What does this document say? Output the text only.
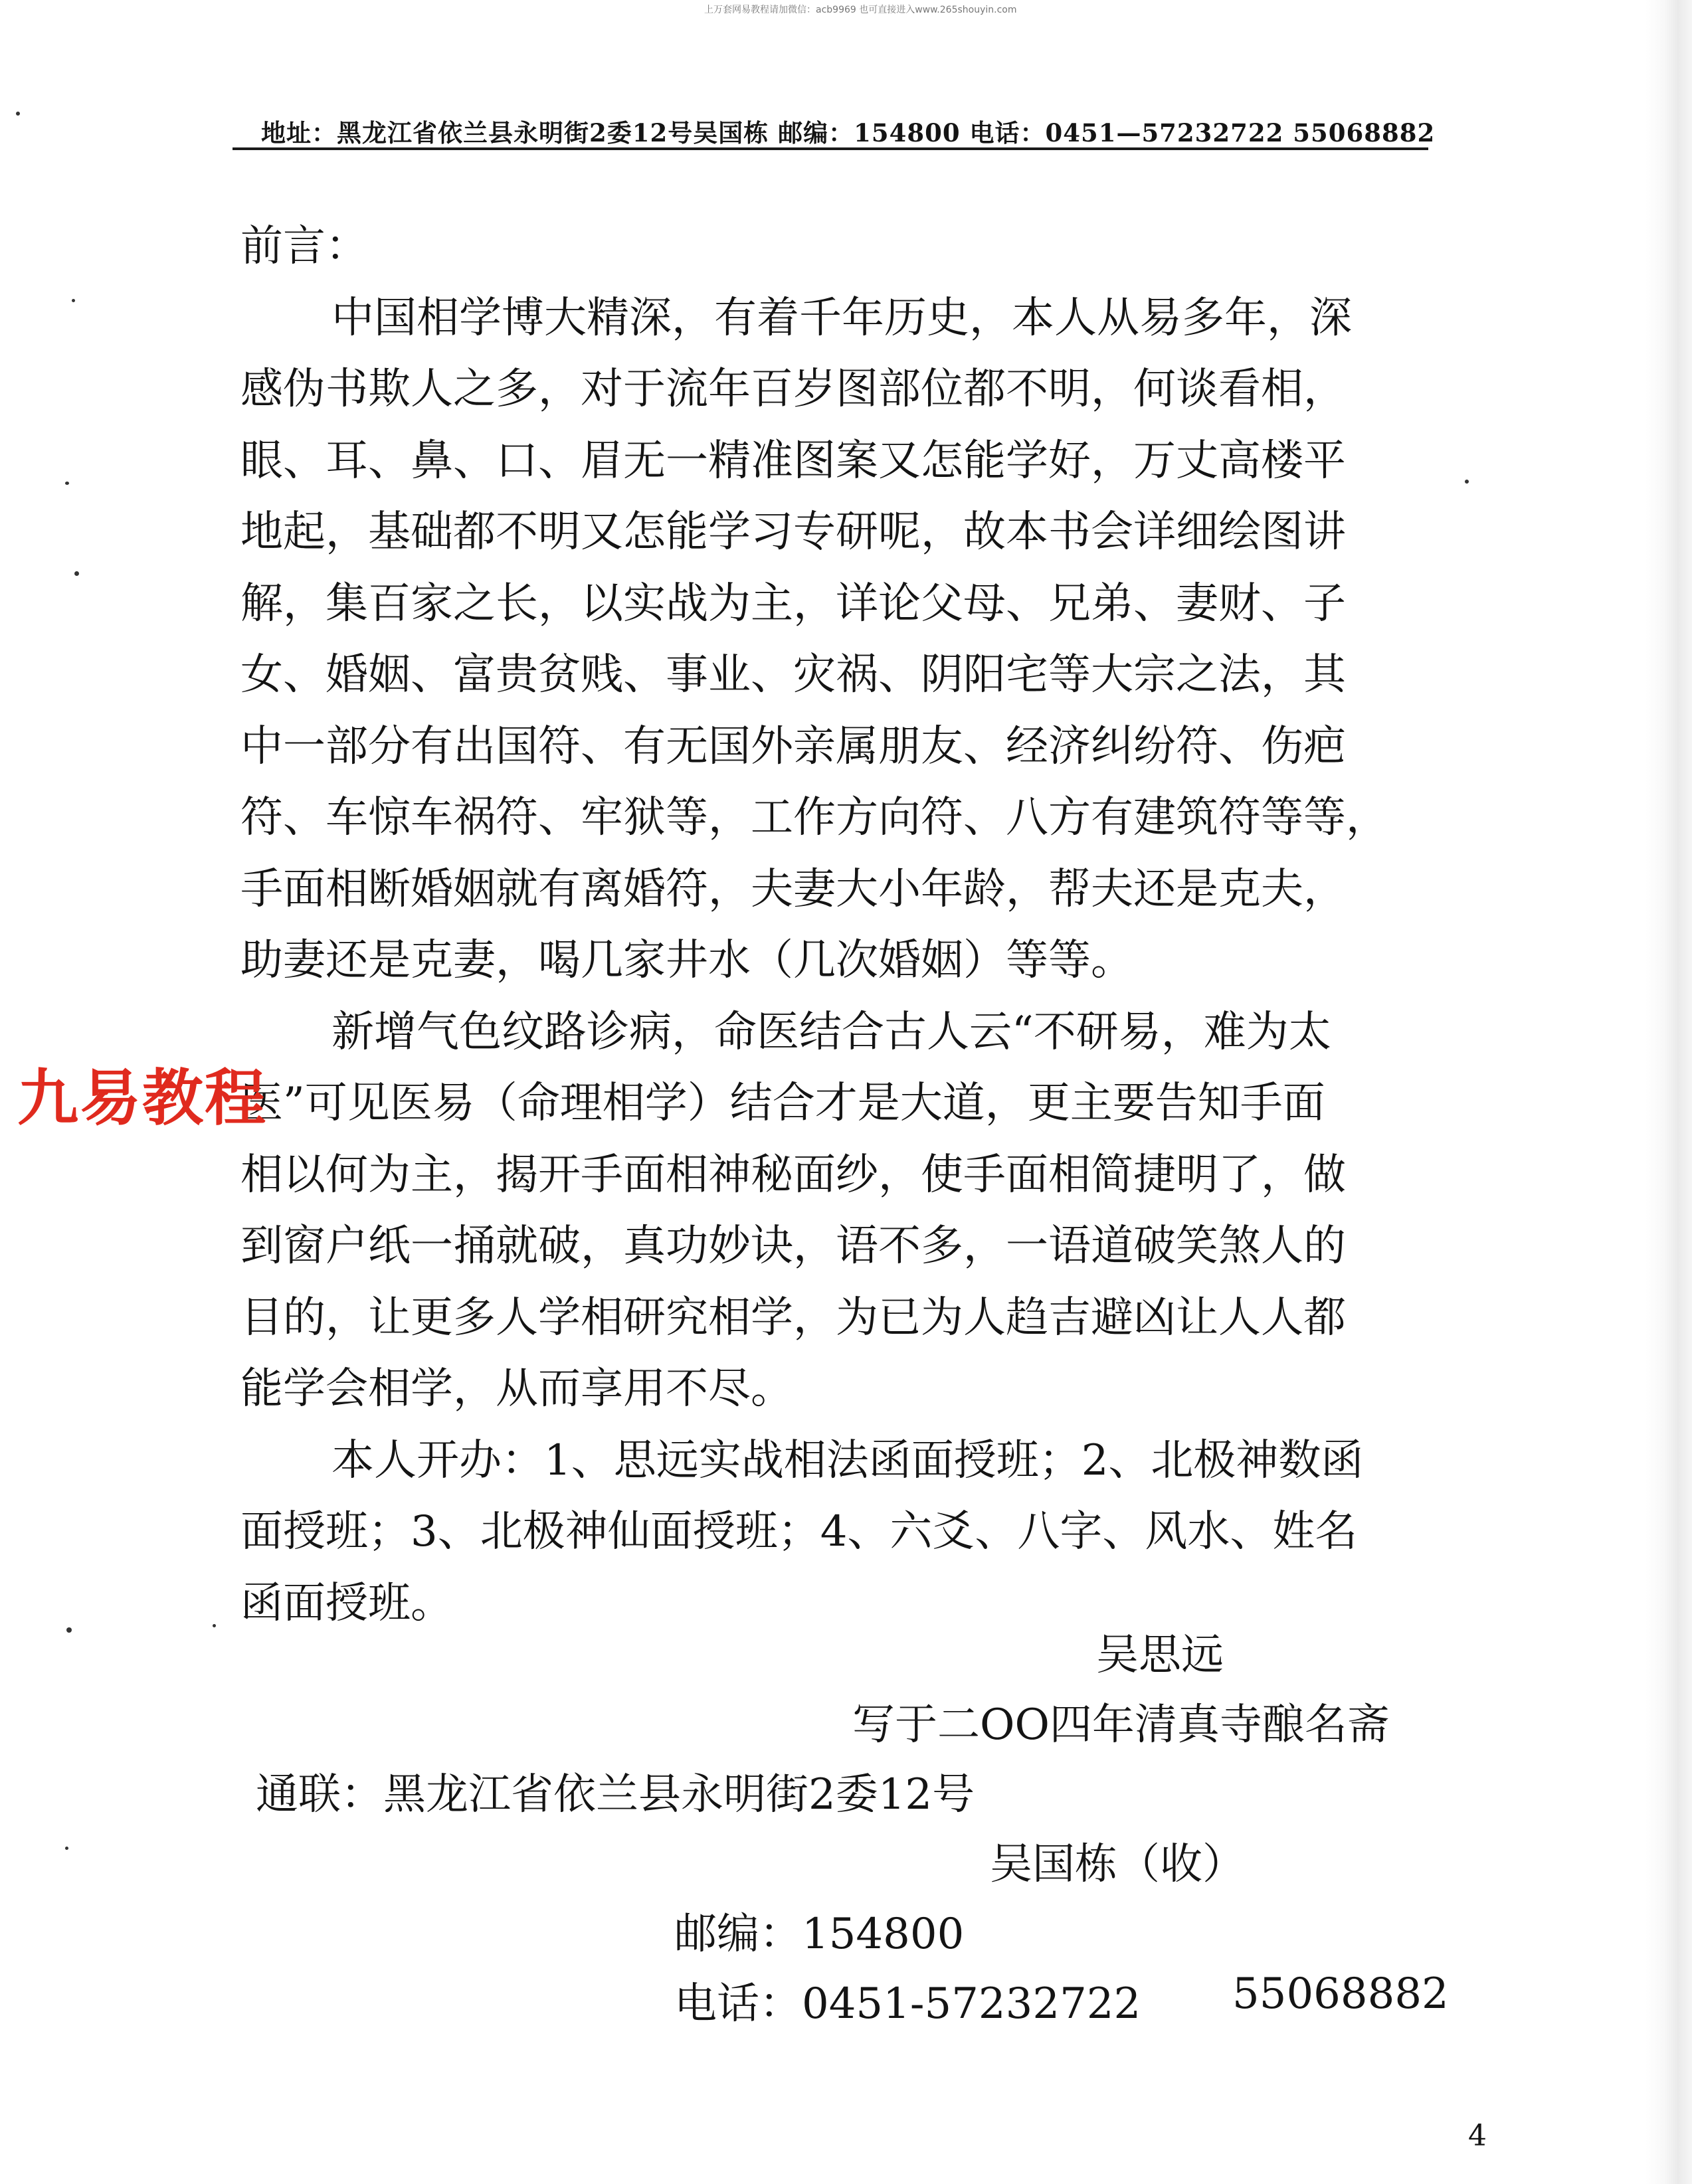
上万套网易教程请加微信：acb9969 也可直接进入www.265shouyin.com
地址：黑龙江省依兰县永明街2委12号吴国栋 邮编：154800 电话：0451—57232722 55068882
前言：

中国相学博大精深，有着千年历史，本人从易多年，深
感伪书欺人之多，对于流年百岁图部位都不明，何谈看相，
眼、耳、鼻、口、眉无一精准图案又怎能学好，万丈高楼平
地起，基础都不明又怎能学习专研呢，故本书会详细绘图讲
解，集百家之长，以实战为主，详论父母、兄弟、妻财、子
女、婚姻、富贵贫贱、事业、灾祸、阴阳宅等大宗之法，其
中一部分有出国符、有无国外亲属朋友、经济纠纷符、伤疤
符、车惊车祸符、牢狱等，工作方向符、八方有建筑符等等，
手面相断婚姻就有离婚符，夫妻大小年龄，帮夫还是克夫，
助妻还是克妻，喝几家井水（几次婚姻）等等。

新增气色纹路诊病，命医结合古人云“不研易，难为太
医”可见医易（命理相学）结合才是大道，更主要告知手面
相以何为主，揭开手面相神秘面纱，使手面相简捷明了，做
到窗户纸一捅就破，真功妙诀，语不多，一语道破笑煞人的
目的，让更多人学相研究相学，为已为人趋吉避凶让人人都
能学会相学，从而享用不尽。

本人开办：1、思远实战相法函面授班；2、北极神数函
面授班；3、北极神仙面授班；4、六爻、八字、风水、姓名
函面授班。

吴思远
写于二OO四年清真寺酿名斋
通联：黑龙江省依兰县永明街2委12号
吴国栋（收）
邮编：154800
电话：0451-57232722 55068882
九易教程
4
